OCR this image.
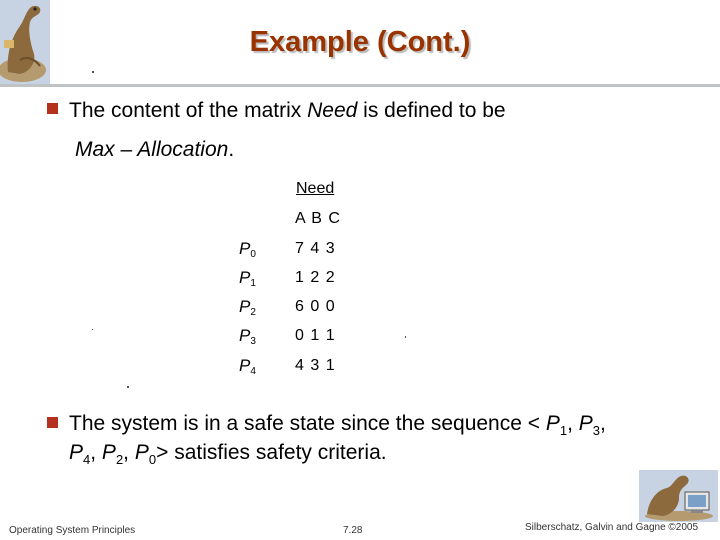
Example (Cont.)
The content of the matrix Need is defined to be
Max – Allocation.
Need
A B C
$P_0$ 7 4 3
$P_1$ 1 2 2
$P_2$ 6 0 0
$P_3$ 0 1 1
$P_4$ 4 3 1
The system is in a safe state since the sequence < $P_1$, $P_3$,
$P_4$, $P_2$, $P_0>$ satisfies safety criteria.
Operating System Principles	7.28	Silberschatz, Galvin and Gagne ©2005
